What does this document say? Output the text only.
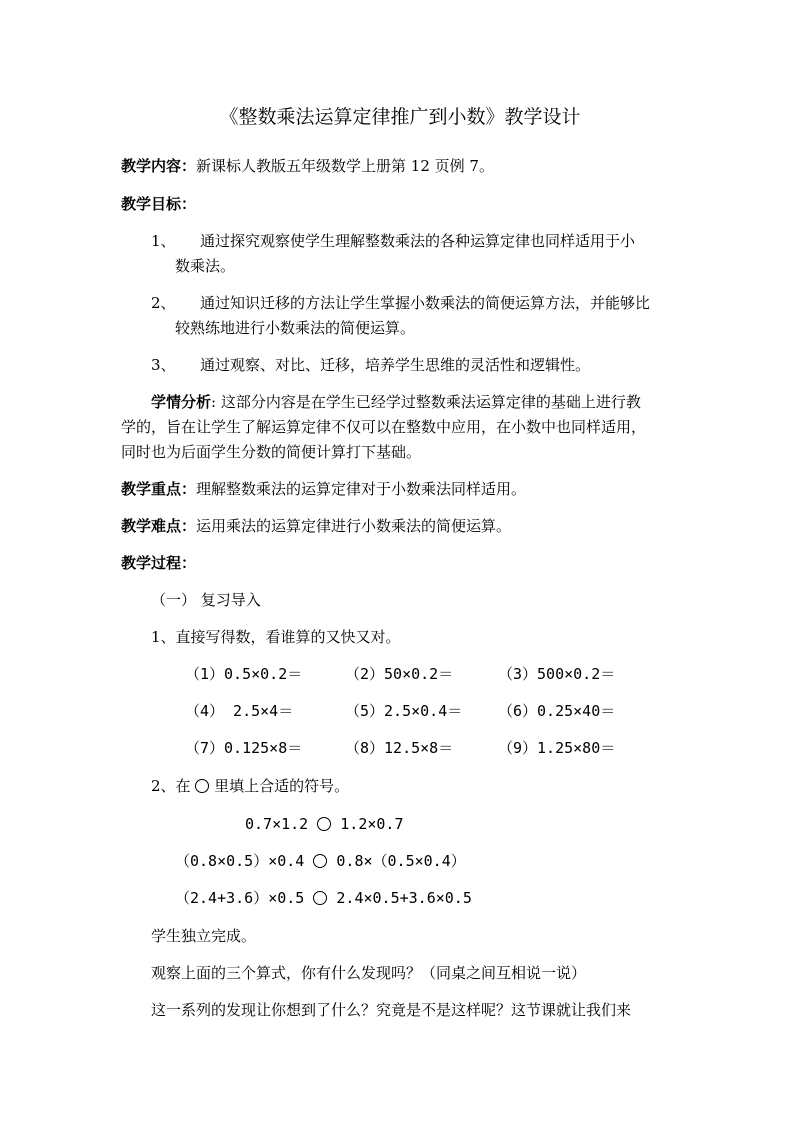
《整数乘法运算定律推广到小数》教学设计
教学内容：新课标人教版五年级数学上册第 12 页例 7。
教学目标：
1、 通过探究观察使学生理解整数乘法的各种运算定律也同样适用于小
数乘法。
2、 通过知识迁移的方法让学生掌握小数乘法的简便运算方法，并能够比
较熟练地进行小数乘法的简便运算。
3、 通过观察、对比、迁移，培养学生思维的灵活性和逻辑性。
学情分析: 这部分内容是在学生已经学过整数乘法运算定律的基础上进行教
学的，旨在让学生了解运算定律不仅可以在整数中应用，在小数中也同样适用，
同时也为后面学生分数的简便计算打下基础。
教学重点：理解整数乘法的运算定律对于小数乘法同样适用。
教学难点：运用乘法的运算定律进行小数乘法的简便运算。
教学过程：
（一） 复习导入
1、直接写得数，看谁算的又快又对。
（1）0.5×0.2＝	（2）50×0.2＝	（3）500×0.2＝
（4） 2.5×4＝	（5）2.5×0.4＝ （6）0.25×40＝
（7）0.125×8＝	（8）12.5×8＝	（9）1.25×80＝
2、在 里填上合适的符号。
0.7×1.2 1.2×0.7
（0.8×0.5）×0.4 0.8×（0.5×0.4）
（2.4+3.6）×0.5 2.4×0.5+3.6×0.5
学生独立完成。
观察上面的三个算式，你有什么发现吗？（同桌之间互相说一说）
这一系列的发现让你想到了什么？究竟是不是这样呢？这节课就让我们来
